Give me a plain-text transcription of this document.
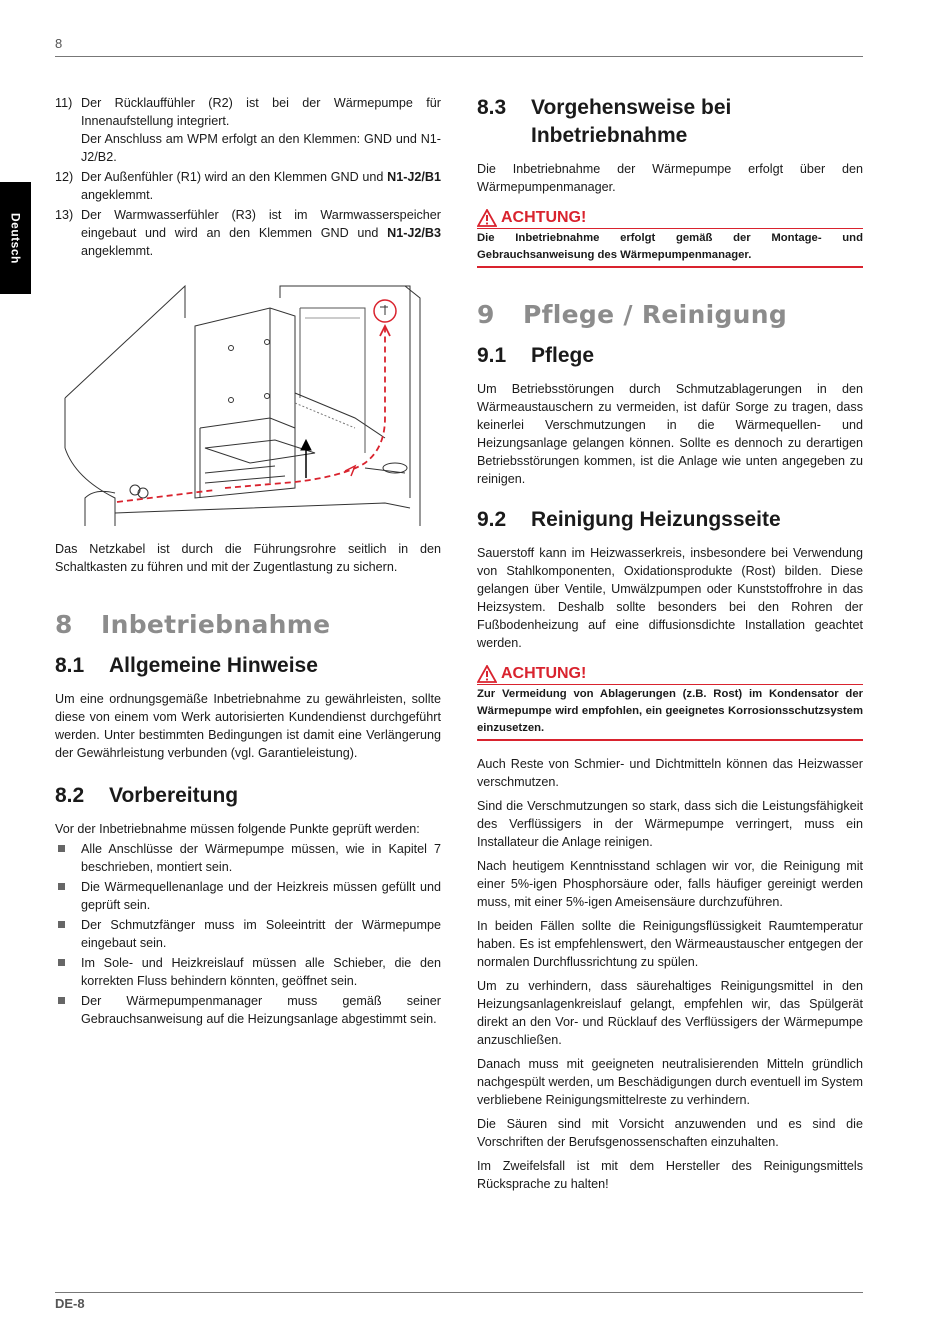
8
Deutsch
11) Der Rücklauffühler (R2) ist bei der Wärmepumpe für Innenaufstellung integriert.
Der Anschluss am WPM erfolgt an den Klemmen: GND und N1-J2/B2.
12) Der Außenfühler (R1) wird an den Klemmen GND und N1-J2/B1 angeklemmt.
13) Der Warmwasserfühler (R3) ist im Warmwasserspeicher eingebaut und wird an den Klemmen GND und N1-J2/B3 angeklemmt.

Das Netzkabel ist durch die Führungsrohre seitlich in den Schaltkasten zu führen und mit der Zugentlastung zu sichern.

8 Inbetriebnahme
8.1	Allgemeine Hinweise

Um eine ordnungsgemäße Inbetriebnahme zu gewährleisten, sollte diese von einem vom Werk autorisierten Kundendienst durchgeführt werden. Unter bestimmten Bedingungen ist damit eine Verlängerung der Gewährleistung verbunden (vgl. Garantieleistung).

8.2	Vorbereitung

Vor der Inbetriebnahme müssen folgende Punkte geprüft werden:

Alle Anschlüsse der Wärmepumpe müssen, wie in Kapitel 7 beschrieben, montiert sein.
Die Wärmequellenanlage und der Heizkreis müssen gefüllt und geprüft sein.
Der Schmutzfänger muss im Soleeintritt der Wärmepumpe eingebaut sein.
Im Sole- und Heizkreislauf müssen alle Schieber, die den korrekten Fluss behindern könnten, geöffnet sein.
Der Wärmepumpenmanager muss gemäß seiner Gebrauchsanweisung auf die Heizungsanlage abgestimmt sein.
8.3	Vorgehensweise bei Inbetriebnahme

Die Inbetriebnahme der Wärmepumpe erfolgt über den Wärmepumpenmanager.

ACHTUNG!
Die Inbetriebnahme erfolgt gemäß der Montage- und Gebrauchsanweisung des Wärmepumpenmanager.
9 Pflege / Reinigung
9.1	Pflege

Um Betriebsstörungen durch Schmutzablagerungen in den Wärmeaustauschern zu vermeiden, ist dafür Sorge zu tragen, dass keinerlei Verschmutzungen in die Wärmequellen- und Heizungsanlage gelangen können. Sollte es dennoch zu derartigen Betriebsstörungen kommen, ist die Anlage wie unten angegeben zu reinigen.

9.2	Reinigung Heizungsseite

Sauerstoff kann im Heizwasserkreis, insbesondere bei Verwendung von Stahlkomponenten, Oxidationsprodukte (Rost) bilden. Diese gelangen über Ventile, Umwälzpumpen oder Kunststoffrohre in das Heizsystem. Deshalb sollte besonders bei den Rohren der Fußbodenheizung auf eine diffusionsdichte Installation geachtet werden.

ACHTUNG!
Zur Vermeidung von Ablagerungen (z.B. Rost) im Kondensator der Wärmepumpe wird empfohlen, ein geeignetes Korrosionsschutzsystem einzusetzen.

Auch Reste von Schmier- und Dichtmitteln können das Heizwasser verschmutzen.

Sind die Verschmutzungen so stark, dass sich die Leistungsfähigkeit des Verflüssigers in der Wärmepumpe verringert, muss ein Installateur die Anlage reinigen.

Nach heutigem Kenntnisstand schlagen wir vor, die Reinigung mit einer 5%-igen Phosphorsäure oder, falls häufiger gereinigt werden muss, mit einer 5%-igen Ameisensäure durchzuführen.

In beiden Fällen sollte die Reinigungsflüssigkeit Raumtemperatur haben. Es ist empfehlenswert, den Wärmeaustauscher entgegen der normalen Durchflussrichtung zu spülen.

Um zu verhindern, dass säurehaltiges Reinigungsmittel in den Heizungsanlagenkreislauf gelangt, empfehlen wir, das Spülgerät direkt an den Vor- und Rücklauf des Verflüssigers der Wärmepumpe anzuschließen.

Danach muss mit geeigneten neutralisierenden Mitteln gründlich nachgespült werden, um Beschädigungen durch eventuell im System verbliebene Reinigungsmittelreste zu verhindern.

Die Säuren sind mit Vorsicht anzuwenden und es sind die Vorschriften der Berufsgenossenschaften einzuhalten.

Im Zweifelsfall ist mit dem Hersteller des Reinigungsmittels Rücksprache zu halten!

DE-8
